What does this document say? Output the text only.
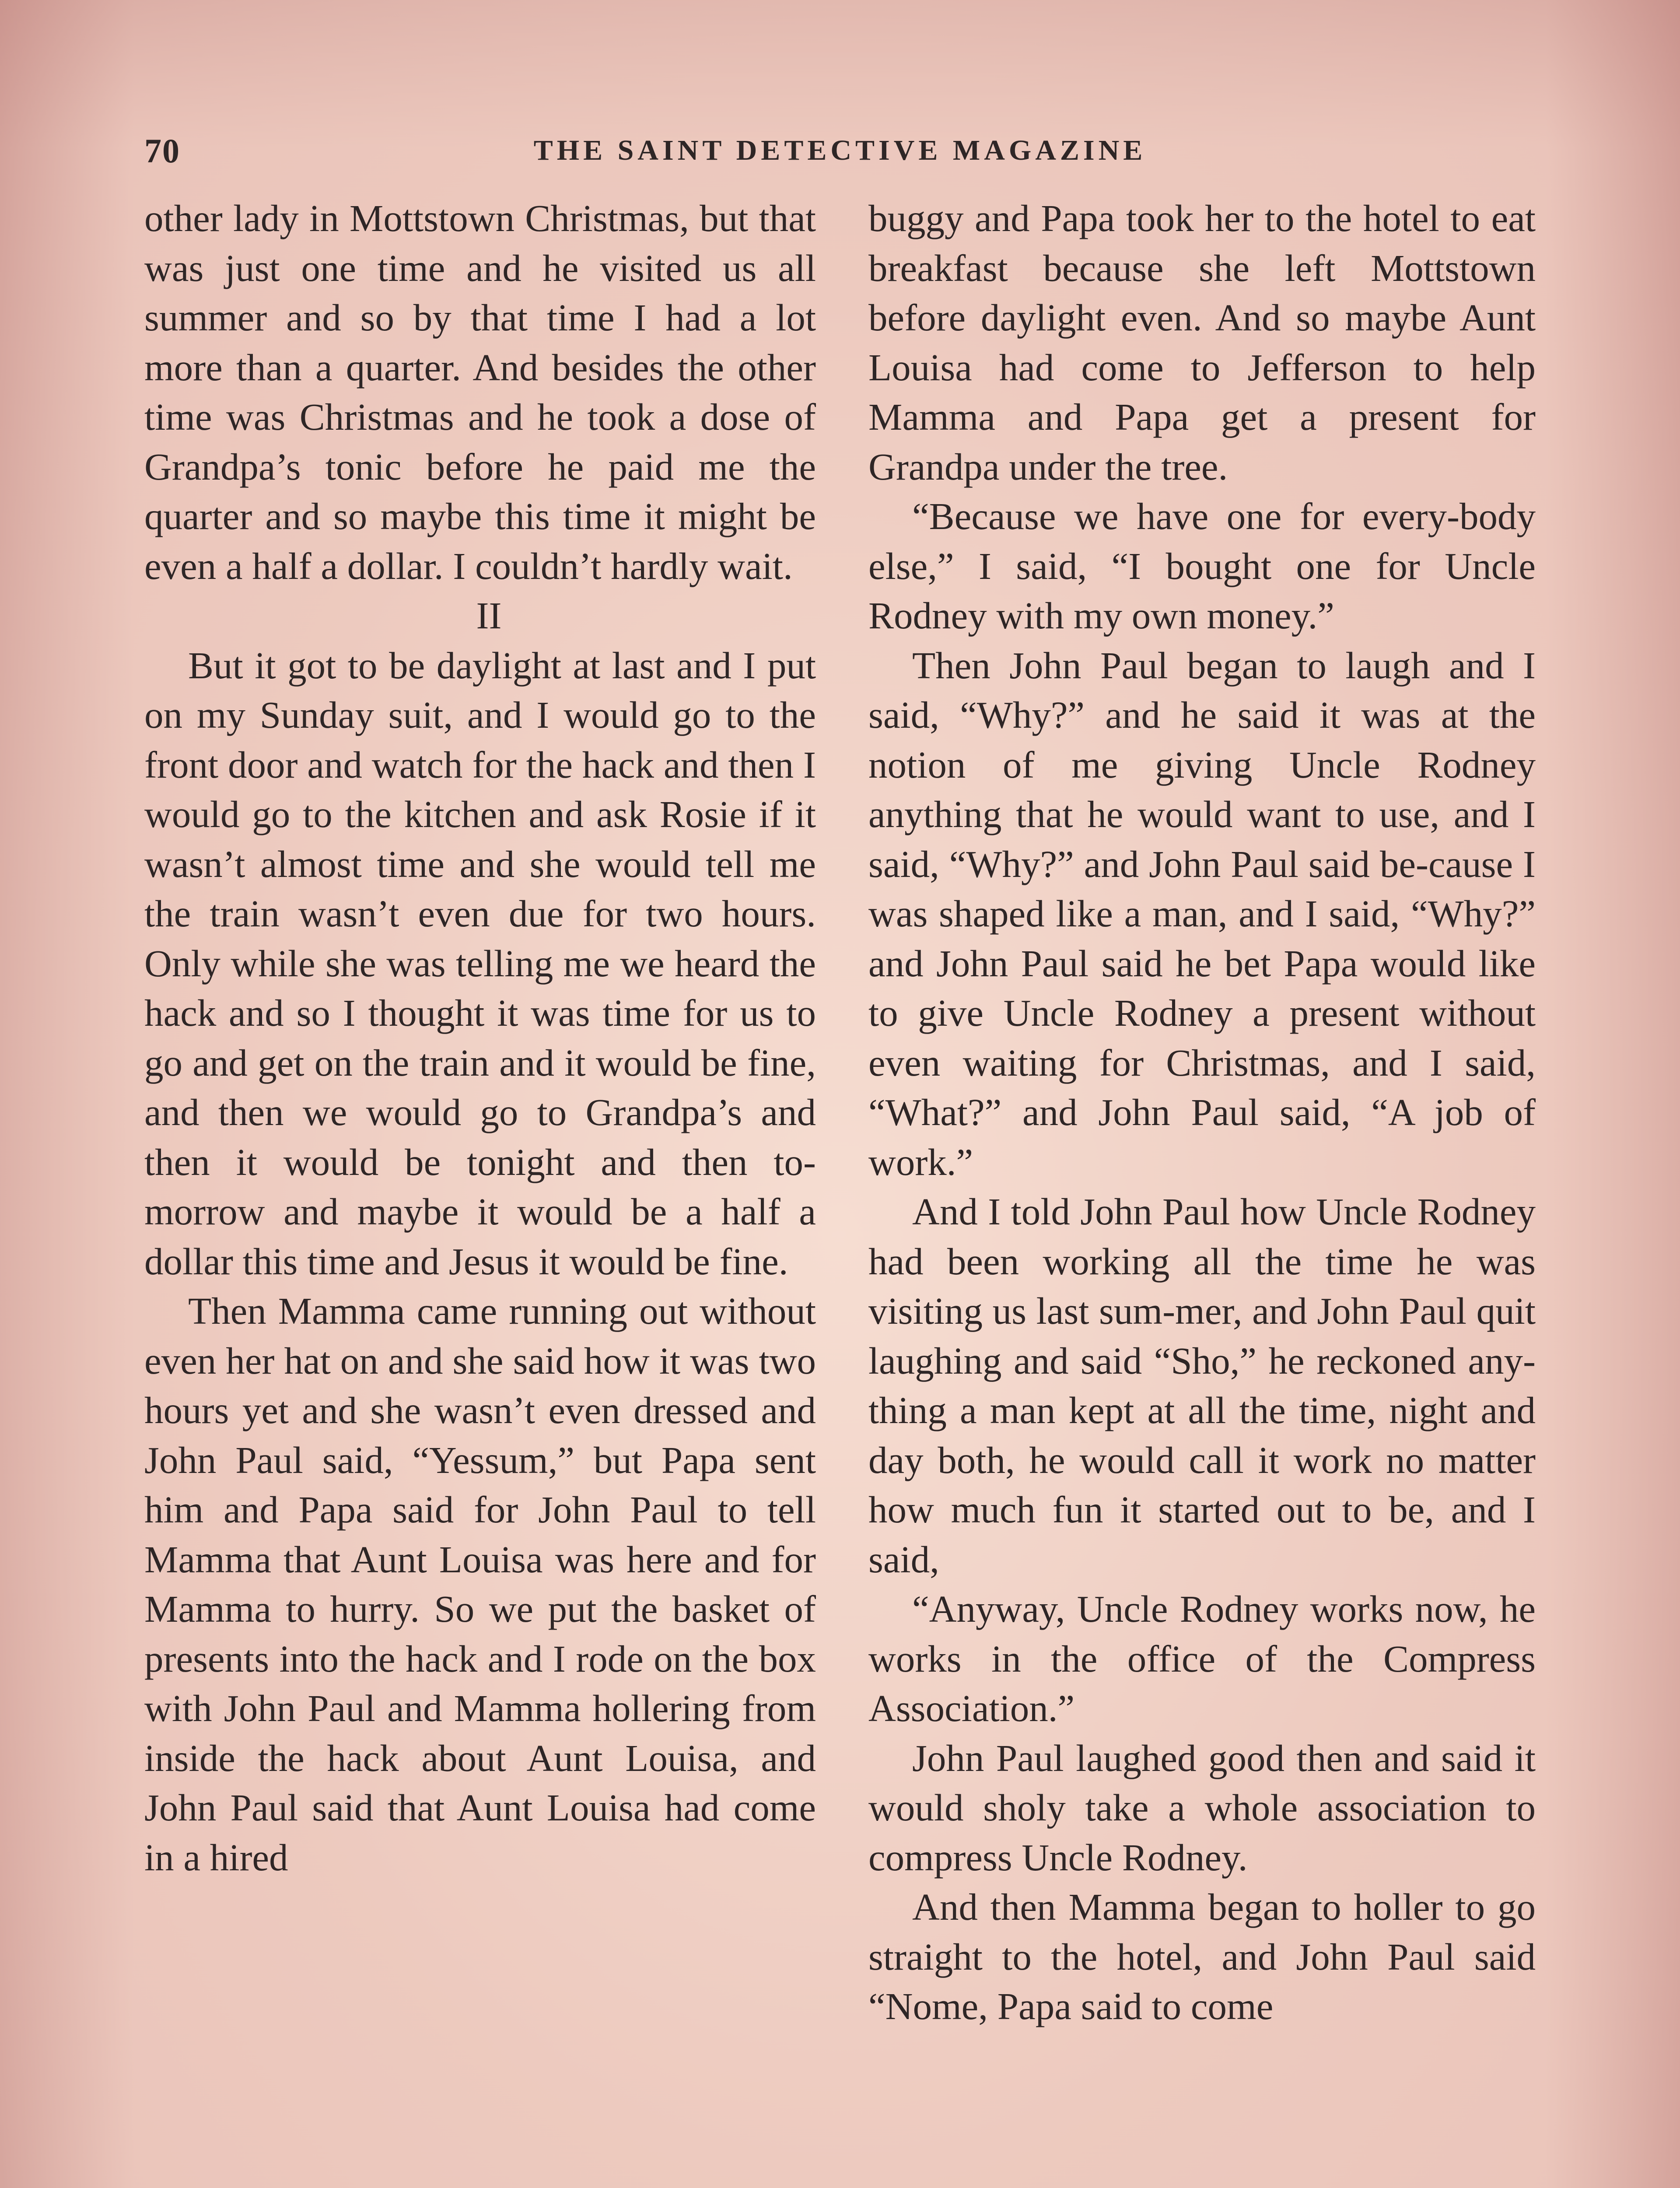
70	THE SAINT DETECTIVE MAGAZINE

other lady in Mottstown Christmas, but that was just one time and he visited us all summer and so by that time I had a lot more than a quarter. And besides the other time was Christmas and he took a dose of Grandpa’s tonic before he paid me the quarter and so maybe this time it might be even a half a dollar. I couldn’t hardly wait.

II

But it got to be daylight at last and I put on my Sunday suit, and I would go to the front door and watch for the hack and then I would go to the kitchen and ask Rosie if it wasn’t almost time and she would tell me the train wasn’t even due for two hours. Only while she was telling me we heard the hack and so I thought it was time for us to go and get on the train and it would be fine, and then we would go to Grandpa’s and then it would be tonight and then to-morrow and maybe it would be a half a dollar this time and Jesus it would be fine.

Then Mamma came running out without even her hat on and she said how it was two hours yet and she wasn’t even dressed and John Paul said, “Yessum,” but Papa sent him and Papa said for John Paul to tell Mamma that Aunt Louisa was here and for Mamma to hurry. So we put the basket of presents into the hack and I rode on the box with John Paul and Mamma hollering from inside the hack about Aunt Louisa, and John Paul said that Aunt Louisa had come in a hired

buggy and Papa took her to the hotel to eat breakfast because she left Mottstown before daylight even. And so maybe Aunt Louisa had come to Jefferson to help Mamma and Papa get a present for Grandpa under the tree.

“Because we have one for every-body else,” I said, “I bought one for Uncle Rodney with my own money.”

Then John Paul began to laugh and I said, “Why?” and he said it was at the notion of me giving Uncle Rodney anything that he would want to use, and I said, “Why?” and John Paul said be-cause I was shaped like a man, and I said, “Why?” and John Paul said he bet Papa would like to give Uncle Rodney a present without even waiting for Christmas, and I said, “What?” and John Paul said, “A job of work.”

And I told John Paul how Uncle Rodney had been working all the time he was visiting us last sum-mer, and John Paul quit laughing and said “Sho,” he reckoned any-thing a man kept at all the time, night and day both, he would call it work no matter how much fun it started out to be, and I said,

“Anyway, Uncle Rodney works now, he works in the office of the Compress Association.”

John Paul laughed good then and said it would sholy take a whole association to compress Uncle Rodney.

And then Mamma began to holler to go straight to the hotel, and John Paul said “Nome, Papa said to come
